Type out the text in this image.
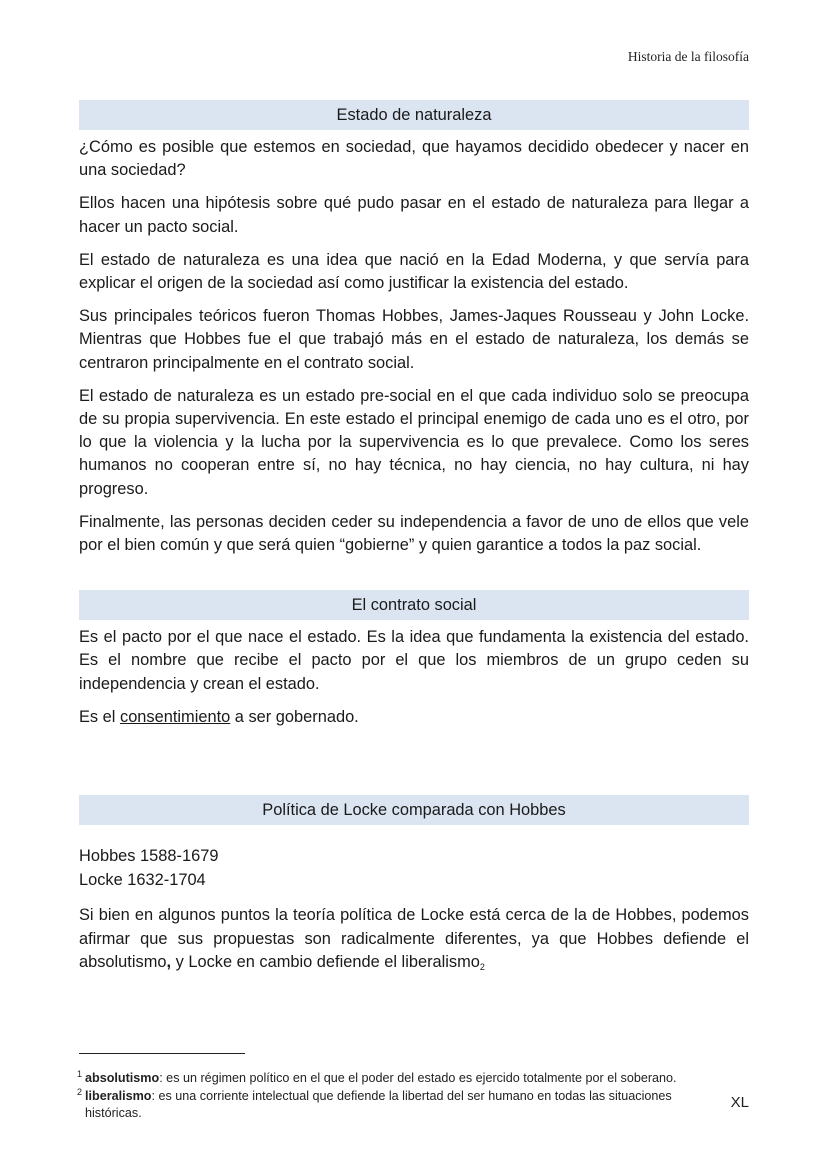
Historia de la filosofía
Estado de naturaleza

¿Cómo es posible que estemos en sociedad, que hayamos decidido obedecer y nacer en una sociedad?

Ellos hacen una hipótesis sobre qué pudo pasar en el estado de naturaleza para llegar a hacer un pacto social.

El estado de naturaleza es una idea que nació en la Edad Moderna, y que servía para explicar el origen de la sociedad así como justificar la existencia del estado.

Sus principales teóricos fueron Thomas Hobbes, James-Jaques Rousseau y John Locke. Mientras que Hobbes fue el que trabajó más en el estado de naturaleza, los demás se centraron principalmente en el contrato social.

El estado de naturaleza es un estado pre-social en el que cada individuo solo se preocupa de su propia supervivencia. En este estado el principal enemigo de cada uno es el otro, por lo que la violencia y la lucha por la supervivencia es lo que prevalece. Como los seres humanos no cooperan entre sí, no hay técnica, no hay ciencia, no hay cultura, ni hay progreso.

Finalmente, las personas deciden ceder su independencia a favor de uno de ellos que vele por el bien común y que será quien “gobierne” y quien garantice a todos la paz social.

El contrato social

Es el pacto por el que nace el estado. Es la idea que fundamenta la existencia del estado. Es el nombre que recibe el pacto por el que los miembros de un grupo ceden su independencia y crean el estado.

Es el consentimiento a ser gobernado.

Política de Locke comparada con Hobbes

Hobbes 1588-1679

Locke 1632-1704

Si bien en algunos puntos la teoría política de Locke está cerca de la de Hobbes, podemos afirmar que sus propuestas son radicalmente diferentes, ya que Hobbes defiende el absolutismo, y Locke en cambio defiende el liberalismo2

1 absolutismo: es un régimen político en el que el poder del estado es ejercido totalmente por el soberano.
2 liberalismo: es una corriente intelectual que defiende la libertad del ser humano en todas las situaciones históricas.
XL
